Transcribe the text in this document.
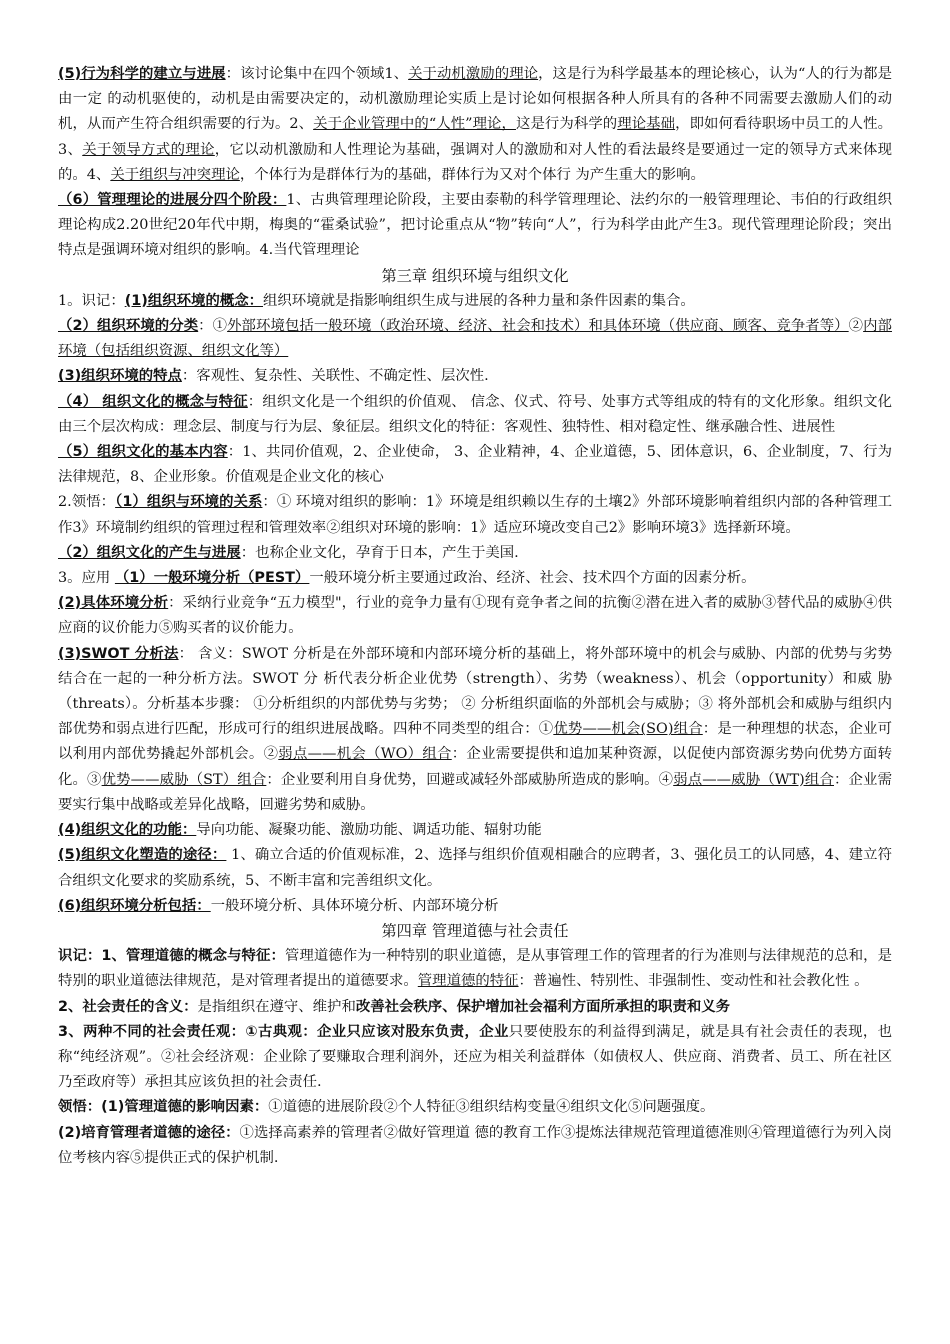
(5)行为科学的建立与进展：该讨论集中在四个领域1、关于动机激励的理论，这是行为科学最基本的理论核心，认为“人的行为都是由一定 的动机驱使的，动机是由需要决定的，动机激励理论实质上是讨论如何根据各种人所具有的各种不同需要去激励人们的动机，从而产生符合组织需要的行为。2、关于企业管理中的“人性”理论，这是行为科学的理论基础，即如何看待职场中员工的人性。3、关于领导方式的理论，它以动机激励和人性理论为基础，强调对人的激励和对人性的看法最终是要通过一定的领导方式来体现的。4、关于组织与冲突理论，个体行为是群体行为的基础，群体行为又对个体行 为产生重大的影响。

（6）管理理论的进展分四个阶段：1、古典管理理论阶段，主要由泰勒的科学管理理论、法约尔的一般管理理论、韦伯的行政组织理论构成2.20世纪20年代中期，梅奥的“霍桑试验”，把讨论重点从“物”转向“人”，行为科学由此产生3。现代管理理论阶段；突出特点是强调环境对组织的影响。4.当代管理理论

第三章 组织环境与组织文化

1。识记：(1)组织环境的概念：组织环境就是指影响组织生成与进展的各种力量和条件因素的集合。

（2）组织环境的分类：①外部环境包括一般环境（政治环境、经济、社会和技术）和具体环境（供应商、顾客、竞争者等）②内部环境（包括组织资源、组织文化等）

(3)组织环境的特点：客观性、复杂性、关联性、不确定性、层次性.

（4） 组织文化的概念与特征：组织文化是一个组织的价值观、 信念、仪式、符号、处事方式等组成的特有的文化形象。组织文化由三个层次构成：理念层、制度与行为层、象征层。组织文化的特征：客观性、独特性、相对稳定性、继承融合性、进展性

（5）组织文化的基本内容：1、共同价值观，2、企业使命， 3、企业精神，4、企业道德，5、团体意识，6、企业制度，7、行为法律规范，8、企业形象。价值观是企业文化的核心

2.领悟：（1）组织与环境的关系：① 环境对组织的影响：1》环境是组织赖以生存的土壤2》外部环境影响着组织内部的各种管理工作3》环境制约组织的管理过程和管理效率②组织对环境的影响：1》适应环境改变自己2》影响环境3》选择新环境。

（2）组织文化的产生与进展：也称企业文化，孕育于日本，产生于美国.

3。应用 （1）一般环境分析（PEST）一般环境分析主要通过政治、经济、社会、技术四个方面的因素分析。

(2)具体环境分析：采纳行业竞争“五力模型"，行业的竞争力量有①现有竞争者之间的抗衡②潜在进入者的威胁③替代品的威胁④供应商的议价能力⑤购买者的议价能力。

(3)SWOT 分析法： 含义：SWOT 分析是在外部环境和内部环境分析的基础上，将外部环境中的机会与威胁、内部的优势与劣势结合在一起的一种分析方法。SWOT 分 析代表分析企业优势（strength）、劣势（weakness）、机会（opportunity）和威 胁（threats）。分析基本步骤： ①分析组织的内部优势与劣势； ② 分析组织面临的外部机会与威胁；③ 将外部机会和威胁与组织内部优势和弱点进行匹配，形成可行的组织进展战略。四种不同类型的组合：①优势——机会(SO)组合：是一种理想的状态，企业可以利用内部优势撬起外部机会。②弱点——机会（WO）组合：企业需要提供和追加某种资源，以促使内部资源劣势向优势方面转化。③优势——威胁（ST）组合：企业要利用自身优势，回避或减轻外部威胁所造成的影响。④弱点——威胁（WT)组合：企业需要实行集中战略或差异化战略，回避劣势和威胁。

(4)组织文化的功能：导向功能、凝聚功能、激励功能、调适功能、辐射功能

(5)组织文化塑造的途径： 1、确立合适的价值观标准，2、选择与组织价值观相融合的应聘者，3、强化员工的认同感，4、建立符合组织文化要求的奖励系统，5、不断丰富和完善组织文化。

(6)组织环境分析包括：一般环境分析、具体环境分析、内部环境分析

第四章 管理道德与社会责任

识记：1、管理道德的概念与特征：管理道德作为一种特别的职业道德，是从事管理工作的管理者的行为准则与法律规范的总和，是特别的职业道德法律规范，是对管理者提出的道德要求。管理道德的特征：普遍性、特别性、非强制性、变动性和社会教化性 。

2、社会责任的含义：是指组织在遵守、维护和改善社会秩序、保护增加社会福利方面所承担的职责和义务

3、两种不同的社会责任观：①古典观：企业只应该对股东负责，企业只要使股东的利益得到满足，就是具有社会责任的表现，也称“纯经济观”。②社会经济观：企业除了要赚取合理利润外，还应为相关利益群体（如债权人、供应商、消费者、员工、所在社区乃至政府等）承担其应该负担的社会责任.

领悟：(1)管理道德的影响因素：①道德的进展阶段②个人特征③组织结构变量④组织文化⑤问题强度。

(2)培育管理者道德的途径：①选择高素养的管理者②做好管理道 德的教育工作③提炼法律规范管理道德准则④管理道德行为列入岗位考核内容⑤提供正式的保护机制.
